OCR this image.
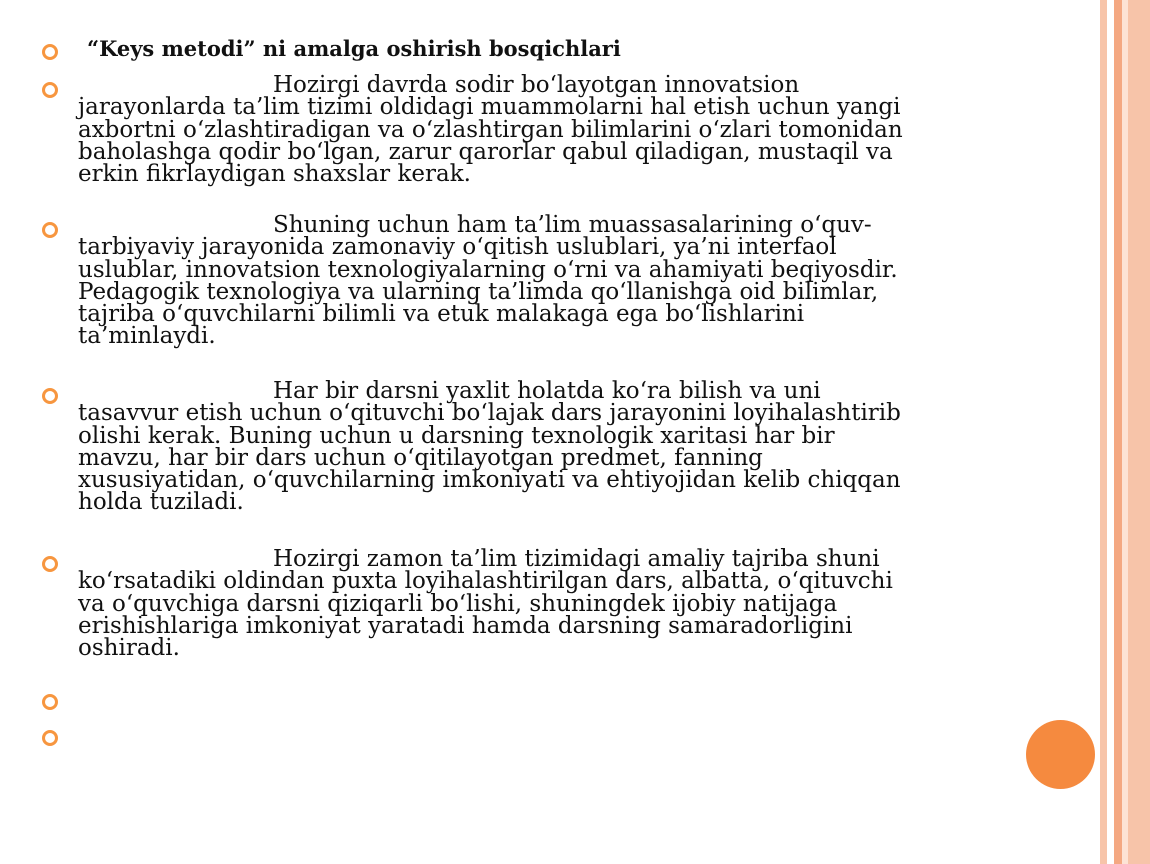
“Keys metodi” ni amalga oshirish bosqichlari
Hozirgi davrda sodir bo‘layotgan innovatsion
jarayonlarda ta’lim tizimi oldidagi muammolarni hal etish uchun yangi
axbortni o‘zlashtiradigan va o‘zlashtirgan bilimlarini o‘zlari tomonidan
baholashga qodir bo‘lgan, zarur qarorlar qabul qiladigan, mustaqil va
erkin fikrlaydigan shaxslar kerak.
Shuning uchun ham ta’lim muassasalarining o‘quv-
tarbiyaviy jarayonida zamonaviy o‘qitish uslublari, ya’ni interfaol
uslublar, innovatsion texnologiyalarning o‘rni va ahamiyati beqiyosdir.
Pedagogik texnologiya va ularning ta’limda qo‘llanishga oid bilimlar,
tajriba o‘quvchilarni bilimli va etuk malakaga ega bo‘lishlarini
ta’minlaydi.
Har bir darsni yaxlit holatda ko‘ra bilish va uni
tasavvur etish uchun o‘qituvchi bo‘lajak dars jarayonini loyihalashtirib
olishi kerak. Buning uchun u darsning texnologik xaritasi har bir
mavzu, har bir dars uchun o‘qitilayotgan predmet, fanning
xususiyatidan, o‘quvchilarning imkoniyati va ehtiyojidan kelib chiqqan
holda tuziladi.
Hozirgi zamon ta’lim tizimidagi amaliy tajriba shuni
ko‘rsatadiki oldindan puxta loyihalashtirilgan dars, albatta, o‘qituvchi
va o‘quvchiga darsni qiziqarli bo‘lishi, shuningdek ijobiy natijaga
erishishlariga imkoniyat yaratadi hamda darsning samaradorligini
oshiradi.
